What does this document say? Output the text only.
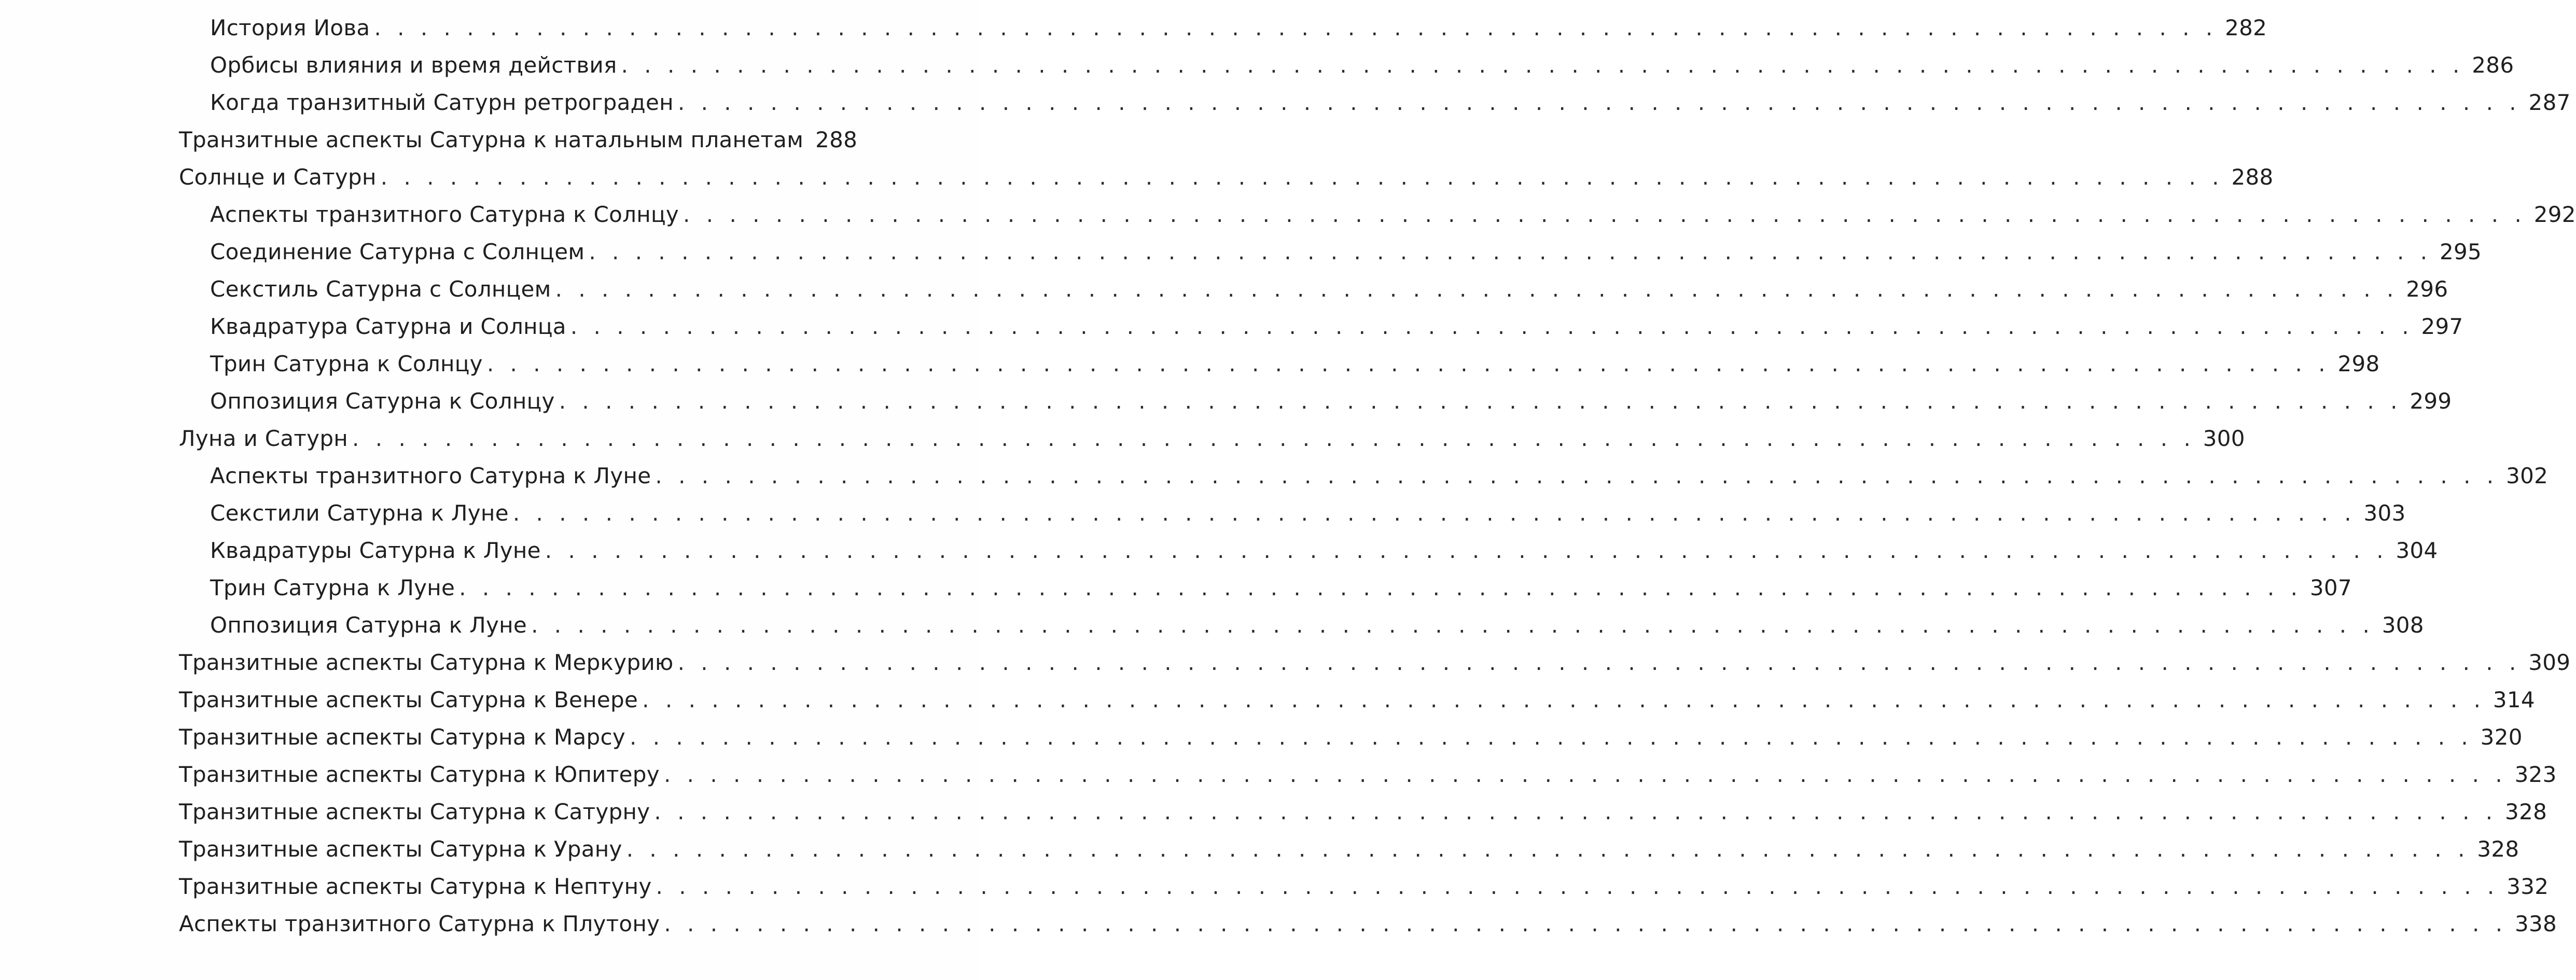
История Иова . . . . . . . . . . . . . . . . . . . . . . . . . . . . . . . . . . . . . . . . . . . . . . . . . . . . . . . . . . . . . . . . . . . . . . . . . . . . . . . . 282
Орбисы влияния и время действия . . . . . . . . . . . . . . . . . . . . . . . . . . . . . . . . . . . . . . . . . . . . . . . . . . . . . . . . . . . . . . . . . . . . . . . . . . . . . . . . 286
Когда транзитный Сатурн ретрограден . . . . . . . . . . . . . . . . . . . . . . . . . . . . . . . . . . . . . . . . . . . . . . . . . . . . . . . . . . . . . . . . . . . . . . . . . . . . . . . . 287
Транзитные аспекты Сатурна к натальным планетам 288
Солнце и Сатурн . . . . . . . . . . . . . . . . . . . . . . . . . . . . . . . . . . . . . . . . . . . . . . . . . . . . . . . . . . . . . . . . . . . . . . . . . . . . . . . . 288
Аспекты транзитного Сатурна к Солнцу . . . . . . . . . . . . . . . . . . . . . . . . . . . . . . . . . . . . . . . . . . . . . . . . . . . . . . . . . . . . . . . . . . . . . . . . . . . . . . . . 292
Соединение Сатурна с Солнцем . . . . . . . . . . . . . . . . . . . . . . . . . . . . . . . . . . . . . . . . . . . . . . . . . . . . . . . . . . . . . . . . . . . . . . . . . . . . . . . . 295
Секстиль Сатурна с Солнцем . . . . . . . . . . . . . . . . . . . . . . . . . . . . . . . . . . . . . . . . . . . . . . . . . . . . . . . . . . . . . . . . . . . . . . . . . . . . . . . . 296
Квадратура Сатурна и Солнца . . . . . . . . . . . . . . . . . . . . . . . . . . . . . . . . . . . . . . . . . . . . . . . . . . . . . . . . . . . . . . . . . . . . . . . . . . . . . . . . 297
Трин Сатурна к Солнцу . . . . . . . . . . . . . . . . . . . . . . . . . . . . . . . . . . . . . . . . . . . . . . . . . . . . . . . . . . . . . . . . . . . . . . . . . . . . . . . . 298
Оппозиция Сатурна к Солнцу . . . . . . . . . . . . . . . . . . . . . . . . . . . . . . . . . . . . . . . . . . . . . . . . . . . . . . . . . . . . . . . . . . . . . . . . . . . . . . . . 299
Луна и Сатурн . . . . . . . . . . . . . . . . . . . . . . . . . . . . . . . . . . . . . . . . . . . . . . . . . . . . . . . . . . . . . . . . . . . . . . . . . . . . . . . . 300
Аспекты транзитного Сатурна к Луне . . . . . . . . . . . . . . . . . . . . . . . . . . . . . . . . . . . . . . . . . . . . . . . . . . . . . . . . . . . . . . . . . . . . . . . . . . . . . . . . 302
Секстили Сатурна к Луне . . . . . . . . . . . . . . . . . . . . . . . . . . . . . . . . . . . . . . . . . . . . . . . . . . . . . . . . . . . . . . . . . . . . . . . . . . . . . . . . 303
Квадратуры Сатурна к Луне . . . . . . . . . . . . . . . . . . . . . . . . . . . . . . . . . . . . . . . . . . . . . . . . . . . . . . . . . . . . . . . . . . . . . . . . . . . . . . . . 304
Трин Сатурна к Луне . . . . . . . . . . . . . . . . . . . . . . . . . . . . . . . . . . . . . . . . . . . . . . . . . . . . . . . . . . . . . . . . . . . . . . . . . . . . . . . . 307
Оппозиция Сатурна к Луне . . . . . . . . . . . . . . . . . . . . . . . . . . . . . . . . . . . . . . . . . . . . . . . . . . . . . . . . . . . . . . . . . . . . . . . . . . . . . . . . 308
Транзитные аспекты Сатурна к Меркурию . . . . . . . . . . . . . . . . . . . . . . . . . . . . . . . . . . . . . . . . . . . . . . . . . . . . . . . . . . . . . . . . . . . . . . . . . . . . . . . . 309
Транзитные аспекты Сатурна к Венере . . . . . . . . . . . . . . . . . . . . . . . . . . . . . . . . . . . . . . . . . . . . . . . . . . . . . . . . . . . . . . . . . . . . . . . . . . . . . . . . 314
Транзитные аспекты Сатурна к Марсу . . . . . . . . . . . . . . . . . . . . . . . . . . . . . . . . . . . . . . . . . . . . . . . . . . . . . . . . . . . . . . . . . . . . . . . . . . . . . . . . 320
Транзитные аспекты Сатурна к Юпитеру . . . . . . . . . . . . . . . . . . . . . . . . . . . . . . . . . . . . . . . . . . . . . . . . . . . . . . . . . . . . . . . . . . . . . . . . . . . . . . . . 323
Транзитные аспекты Сатурна к Сатурну . . . . . . . . . . . . . . . . . . . . . . . . . . . . . . . . . . . . . . . . . . . . . . . . . . . . . . . . . . . . . . . . . . . . . . . . . . . . . . . . 328
Транзитные аспекты Сатурна к Урану . . . . . . . . . . . . . . . . . . . . . . . . . . . . . . . . . . . . . . . . . . . . . . . . . . . . . . . . . . . . . . . . . . . . . . . . . . . . . . . . 328
Транзитные аспекты Сатурна к Нептуну . . . . . . . . . . . . . . . . . . . . . . . . . . . . . . . . . . . . . . . . . . . . . . . . . . . . . . . . . . . . . . . . . . . . . . . . . . . . . . . . 332
Аспекты транзитного Сатурна к Плутону . . . . . . . . . . . . . . . . . . . . . . . . . . . . . . . . . . . . . . . . . . . . . . . . . . . . . . . . . . . . . . . . . . . . . . . . . . . . . . . . 338
